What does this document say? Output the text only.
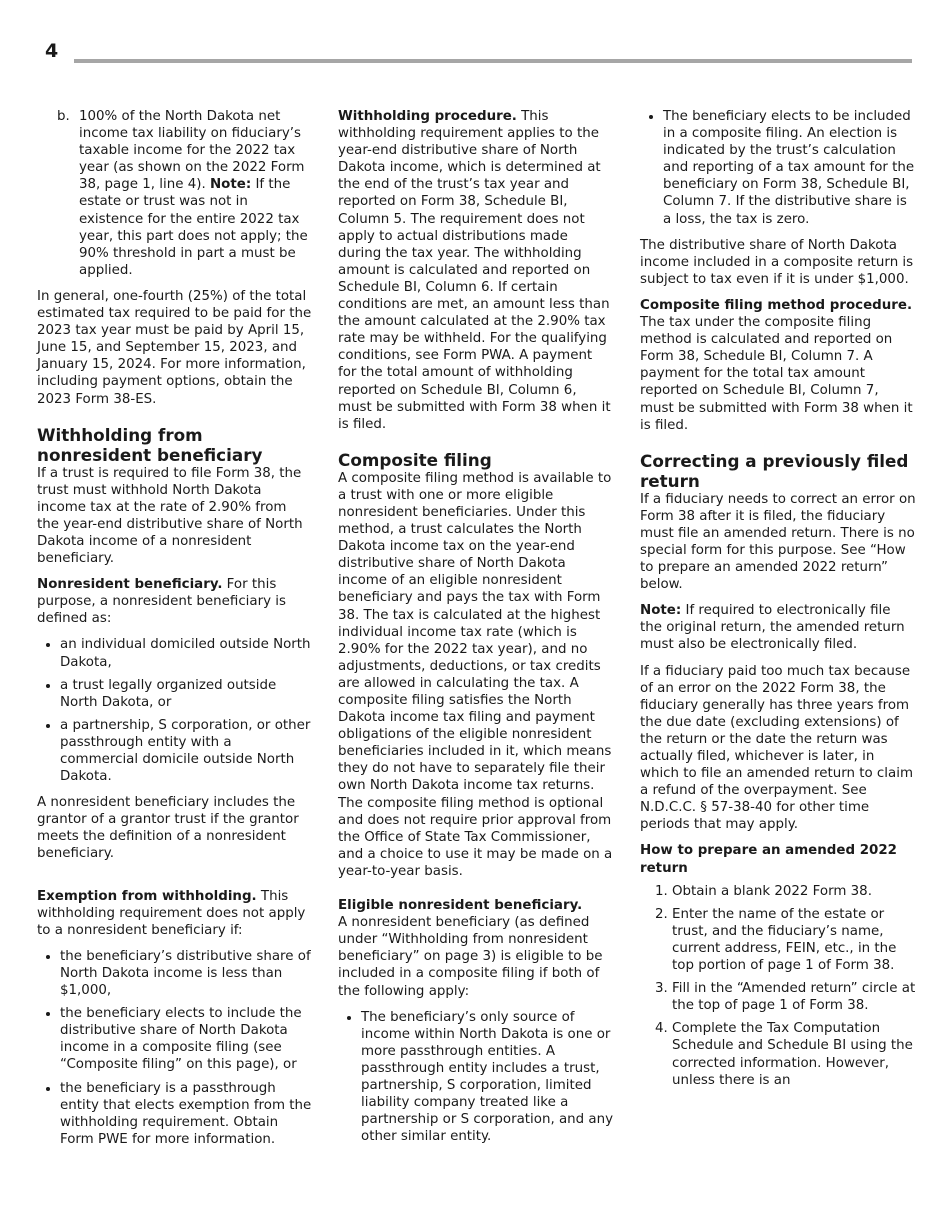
4
b. 100% of the North Dakota net income tax liability on fiduciary’s taxable income for the 2022 tax year (as shown on the 2022 Form 38, page 1, line 4). Note: If the estate or trust was not in existence for the entire 2022 tax year, this part does not apply; the 90% threshold in part a must be applied.

In general, one-fourth (25%) of the total estimated tax required to be paid for the 2023 tax year must be paid by April 15, June 15, and September 15, 2023, and January 15, 2024. For more information, including payment options, obtain the 2023 Form 38-ES.

Withholding from nonresident beneficiary

If a trust is required to file Form 38, the trust must withhold North Dakota income tax at the rate of 2.90% from the year-end distributive share of North Dakota income of a nonresident beneficiary.

Nonresident beneficiary. For this purpose, a nonresident beneficiary is defined as:

• an individual domiciled outside North Dakota,
• a trust legally organized outside North Dakota, or
• a partnership, S corporation, or other passthrough entity with a commercial domicile outside North Dakota.

A nonresident beneficiary includes the grantor of a grantor trust if the grantor meets the definition of a nonresident beneficiary.

Exemption from withholding. This withholding requirement does not apply to a nonresident beneficiary if:

• the beneficiary’s distributive share of North Dakota income is less than $1,000,
• the beneficiary elects to include the distributive share of North Dakota income in a composite filing (see “Composite filing” on this page), or
• the beneficiary is a passthrough entity that elects exemption from the withholding requirement. Obtain Form PWE for more information.

Withholding procedure. This withholding requirement applies to the year-end distributive share of North Dakota income, which is determined at the end of the trust’s tax year and reported on Form 38, Schedule BI, Column 5. The requirement does not apply to actual distributions made during the tax year. The withholding amount is calculated and reported on Schedule BI, Column 6. If certain conditions are met, an amount less than the amount calculated at the 2.90% tax rate may be withheld. For the qualifying conditions, see Form PWA. A payment for the total amount of withholding reported on Schedule BI, Column 6, must be submitted with Form 38 when it is filed.

Composite filing

A composite filing method is available to a trust with one or more eligible nonresident beneficiaries. Under this method, a trust calculates the North Dakota income tax on the year-end distributive share of North Dakota income of an eligible nonresident beneficiary and pays the tax with Form 38. The tax is calculated at the highest individual income tax rate (which is 2.90% for the 2022 tax year), and no adjustments, deductions, or tax credits are allowed in calculating the tax. A composite filing satisfies the North Dakota income tax filing and payment obligations of the eligible nonresident beneficiaries included in it, which means they do not have to separately file their own North Dakota income tax returns. The composite filing method is optional and does not require prior approval from the Office of State Tax Commissioner, and a choice to use it may be made on a year-to-year basis.

Eligible nonresident beneficiary.

A nonresident beneficiary (as defined under “Withholding from nonresident beneficiary” on page 3) is eligible to be included in a composite filing if both of the following apply:

• The beneficiary’s only source of income within North Dakota is one or more passthrough entities. A passthrough entity includes a trust, partnership, S corporation, limited liability company treated like a partnership or S corporation, and any other similar entity.
• The beneficiary elects to be included in a composite filing. An election is indicated by the trust’s calculation and reporting of a tax amount for the beneficiary on Form 38, Schedule BI, Column 7. If the distributive share is a loss, the tax is zero.

The distributive share of North Dakota income included in a composite return is subject to tax even if it is under $1,000.

Composite filing method procedure. The tax under the composite filing method is calculated and reported on Form 38, Schedule BI, Column 7. A payment for the total tax amount reported on Schedule BI, Column 7, must be submitted with Form 38 when it is filed.

Correcting a previously filed return

If a fiduciary needs to correct an error on Form 38 after it is filed, the fiduciary must file an amended return. There is no special form for this purpose. See “How to prepare an amended 2022 return” below.

Note: If required to electronically file the original return, the amended return must also be electronically filed.

If a fiduciary paid too much tax because of an error on the 2022 Form 38, the fiduciary generally has three years from the due date (excluding extensions) of the return or the date the return was actually filed, whichever is later, in which to file an amended return to claim a refund of the overpayment. See N.D.C.C. § 57-38-40 for other time periods that may apply.

How to prepare an amended 2022 return

1. Obtain a blank 2022 Form 38.
2. Enter the name of the estate or trust, and the fiduciary’s name, current address, FEIN, etc., in the top portion of page 1 of Form 38.
3. Fill in the “Amended return” circle at the top of page 1 of Form 38.
4. Complete the Tax Computation Schedule and Schedule BI using the corrected information. However, unless there is an
